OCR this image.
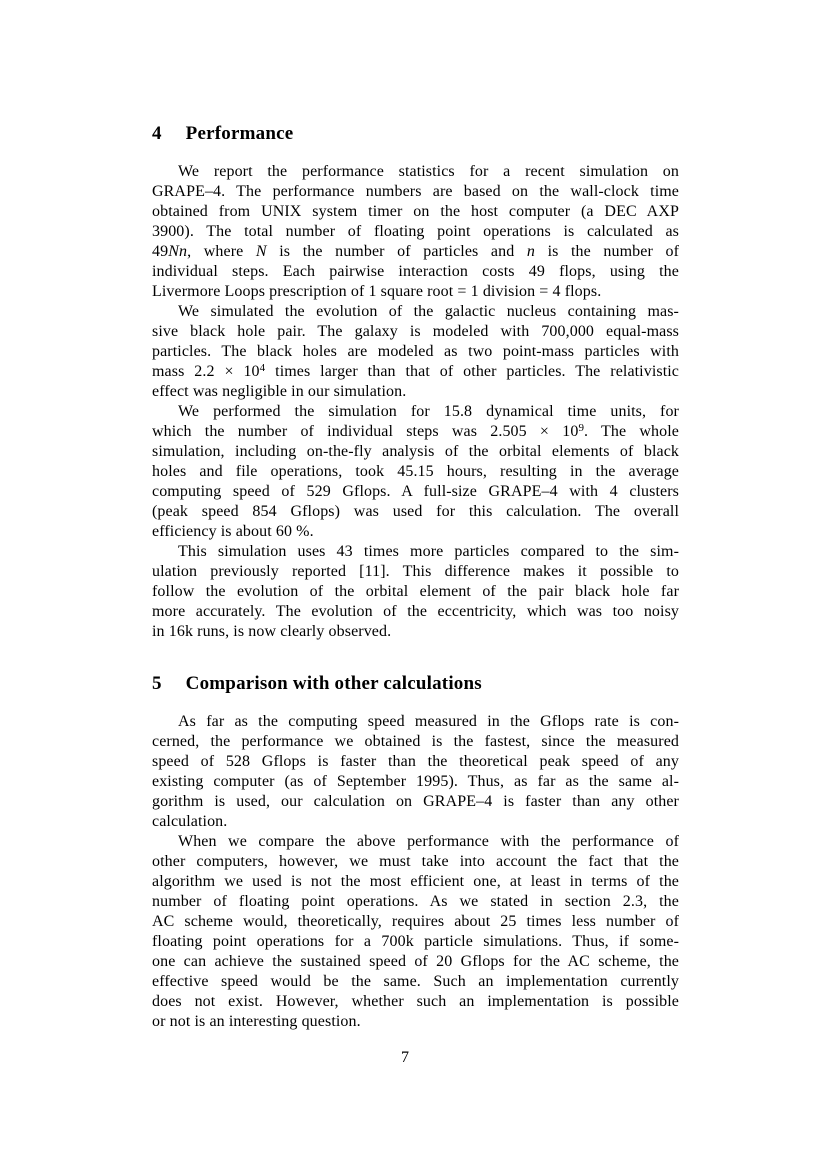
4 Performance

We report the performance statistics for a recent simulation on
GRAPE–4. The performance numbers are based on the wall-clock time
obtained from UNIX system timer on the host computer (a DEC AXP
3900). The total number of floating point operations is calculated as
49Nn, where N is the number of particles and n is the number of
individual steps. Each pairwise interaction costs 49 flops, using the
Livermore Loops prescription of 1 square root = 1 division = 4 flops.

We simulated the evolution of the galactic nucleus containing mas-
sive black hole pair. The galaxy is modeled with 700,000 equal-mass
particles. The black holes are modeled as two point-mass particles with
mass $2.2 \times 10^4$ times larger than that of other particles. The relativistic
effect was negligible in our simulation.

We performed the simulation for 15.8 dynamical time units, for
which the number of individual steps was $2.505 \times 10^9$. The whole
simulation, including on-the-fly analysis of the orbital elements of black
holes and file operations, took 45.15 hours, resulting in the average
computing speed of 529 Gflops. A full-size GRAPE–4 with 4 clusters
(peak speed 854 Gflops) was used for this calculation. The overall
efficiency is about 60 %.

This simulation uses 43 times more particles compared to the sim-
ulation previously reported [11]. This difference makes it possible to
follow the evolution of the orbital element of the pair black hole far
more accurately. The evolution of the eccentricity, which was too noisy
in 16k runs, is now clearly observed.

5 Comparison with other calculations

As far as the computing speed measured in the Gflops rate is con-
cerned, the performance we obtained is the fastest, since the measured
speed of 528 Gflops is faster than the theoretical peak speed of any
existing computer (as of September 1995). Thus, as far as the same al-
gorithm is used, our calculation on GRAPE–4 is faster than any other
calculation.

When we compare the above performance with the performance of
other computers, however, we must take into account the fact that the
algorithm we used is not the most efficient one, at least in terms of the
number of floating point operations. As we stated in section 2.3, the
AC scheme would, theoretically, requires about 25 times less number of
floating point operations for a 700k particle simulations. Thus, if some-
one can achieve the sustained speed of 20 Gflops for the AC scheme, the
effective speed would be the same. Such an implementation currently
does not exist. However, whether such an implementation is possible
or not is an interesting question.

7
